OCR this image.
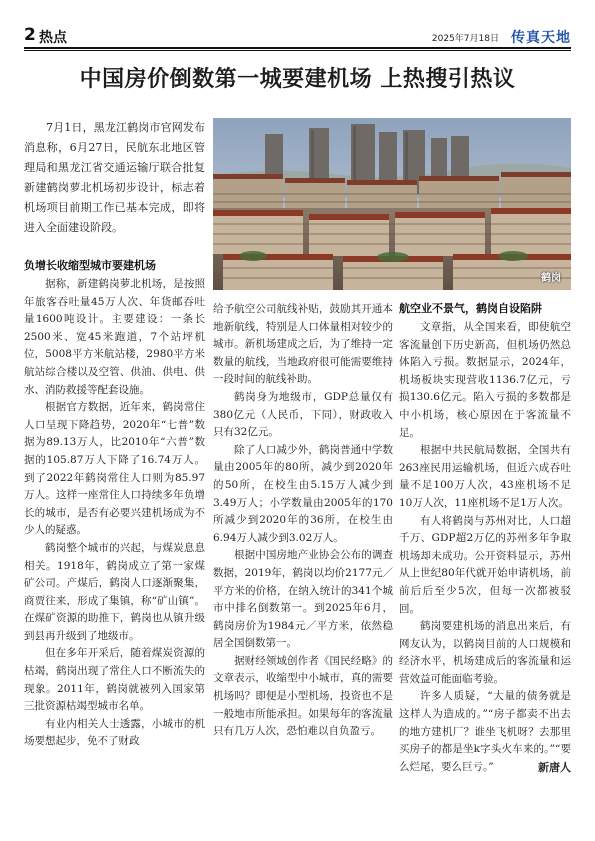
2 热点	2025年7月18日 传真天地
中国房价倒数第一城要建机场 上热搜引热议

7月1日，黑龙江鹤岗市官网发布消息称，6月27日，民航东北地区管理局和黑龙江省交通运输厅联合批复新建鹤岗萝北机场初步设计，标志着机场项目前期工作已基本完成，即将进入全面建设阶段。

鹤岗
负增长收缩型城市要建机场

据称，新建鹤岗萝北机场，是按照年旅客吞吐量45万人次、年货邮吞吐量1600吨设计。主要建设：一条长2500米、宽45米跑道，7个站坪机位，5008平方米航站楼，2980平方米航站综合楼以及空管、供油、供电、供水、消防救援等配套设施。

根据官方数据，近年来，鹤岗常住人口呈现下降趋势，2020年“七普”数据为89.13万人，比2010年“六普”数据的105.87万人下降了16.74万人。到了2022年鹤岗常住人口则为85.97万人。这样一座常住人口持续多年负增长的城市，是否有必要兴建机场成为不少人的疑惑。

鹤岗整个城市的兴起，与煤炭息息相关。1918年，鹤岗成立了第一家煤矿公司。产煤后，鹤岗人口逐渐聚集，商贾往来，形成了集镇，称“矿山镇”。在煤矿资源的助推下，鹤岗也从镇升级到县再升级到了地级市。

但在多年开采后，随着煤炭资源的枯竭，鹤岗出现了常住人口不断流失的现象。2011年，鹤岗就被列入国家第三批资源枯竭型城市名单。

有业内相关人士透露，小城市的机场要想起步，免不了财政

给予航空公司航线补贴，鼓励其开通本地新航线，特别是人口体量相对较少的城市。新机场建成之后，为了维持一定数量的航线，当地政府很可能需要维持一段时间的航线补助。

鹤岗身为地级市，GDP总量仅有380亿元（人民币，下同），财政收入只有32亿元。

除了人口减少外，鹤岗普通中学数量由2005年的80所，减少到2020年的50所，在校生由5.15万人减少到3.49万人；小学数量由2005年的170所减少到2020年的36所，在校生由6.94万人减少到3.02万人。

根据中国房地产业协会公布的调查数据，2019年，鹤岗以均价2177元／平方米的价格，在纳入统计的341个城市中排名倒数第一。到2025年6月，鹤岗房价为1984元／平方米，依然稳居全国倒数第一。

据财经领域创作者《国民经略》的文章表示，收缩型中小城市，真的需要机场吗？即便是小型机场，投资也不是一般地市所能承担。如果每年的客流量只有几万人次，恐怕难以自负盈亏。

航空业不景气，鹤岗自设陷阱

文章指，从全国来看，即使航空客流量创下历史新高，但机场仍然总体陷入亏损。数据显示，2024年，机场板块实现营收1136.7亿元，亏损130.6亿元。陷入亏损的多数都是中小机场，核心原因在于客流量不足。

根据中共民航局数据，全国共有263座民用运输机场，但近六成吞吐量不足100万人次，43座机场不足10万人次，11座机场不足1万人次。

有人将鹤岗与苏州对比，人口超千万、GDP超2万亿的苏州多年争取机场却未成功。公开资料显示，苏州从上世纪80年代就开始申请机场，前前后后至少5次，但每一次都被驳回。

鹤岗要建机场的消息出来后，有网友认为，以鹤岗目前的人口规模和经济水平，机场建成后的客流量和运营效益可能面临考验。

许多人质疑，“大量的债务就是这样人为造成的。”“房子都卖不出去的地方建机厂？谁坐飞机呀？去那里买房子的都是坐k字头火车来的。”“要么烂尾，要么巨亏。”	新唐人
